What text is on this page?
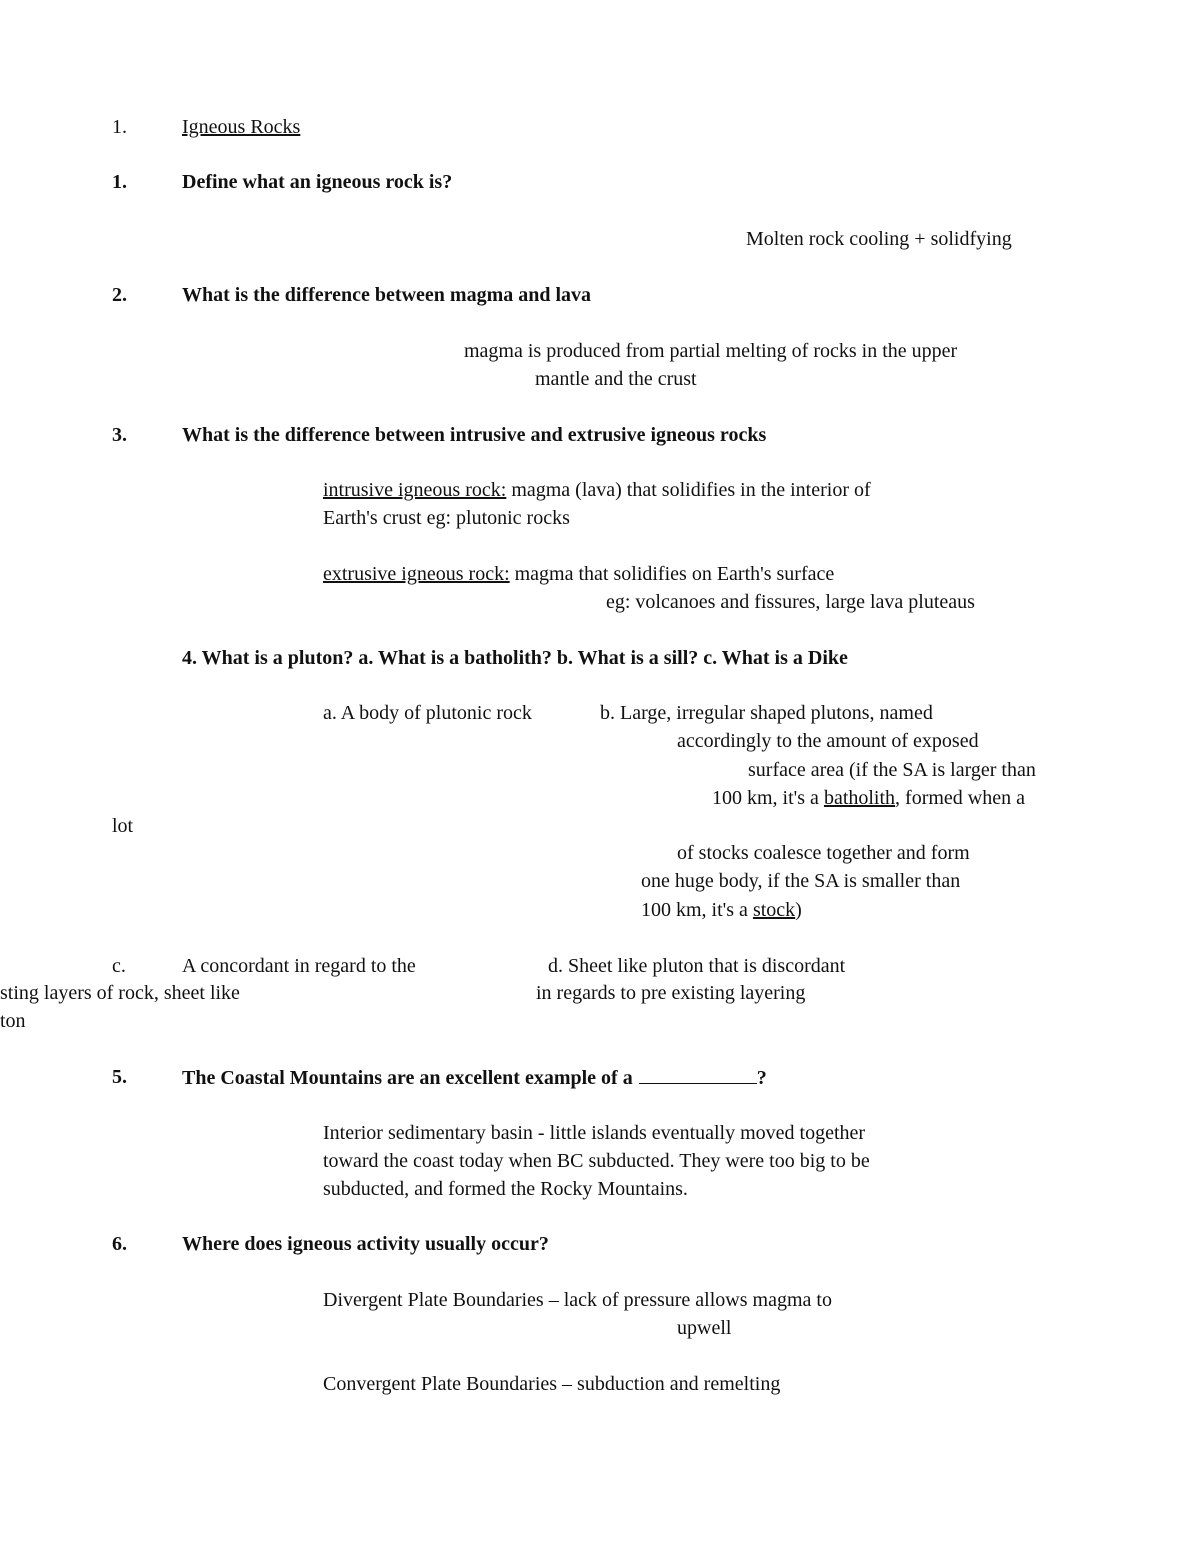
1.	Igneous Rocks
1.	Define what an igneous rock is?
Molten rock cooling + solidfying
2.	What is the difference between magma and lava
magma is produced from partial melting of rocks in the upper
mantle and the crust
3.	What is the difference between intrusive and extrusive igneous rocks
intrusive igneous rock: magma (lava) that solidifies in the interior of
Earth's crust eg: plutonic rocks
extrusive igneous rock: magma that solidifies on Earth's surface
eg: volcanoes and fissures, large lava pluteaus
4. What is a pluton? a. What is a batholith? b. What is a sill? c. What is a Dike
a. A body of plutonic rock	b. Large, irregular shaped plutons, named
accordingly to the amount of exposed
surface area (if the SA is larger than
100 km, it's a batholith, formed when a
lot
of stocks coalesce together and form
one huge body, if the SA is smaller than
100 km, it's a stock)
c.	A concordant in regard to the	d. Sheet like pluton that is discordant
sting layers of rock, sheet like	in regards to pre existing layering
ton
5.	The Coastal Mountains are an excellent example of a	?
Interior sedimentary basin - little islands eventually moved together
toward the coast today when BC subducted. They were too big to be
subducted, and formed the Rocky Mountains.
6.	Where does igneous activity usually occur?
Divergent Plate Boundaries – lack of pressure allows magma to
upwell
Convergent Plate Boundaries – subduction and remelting
